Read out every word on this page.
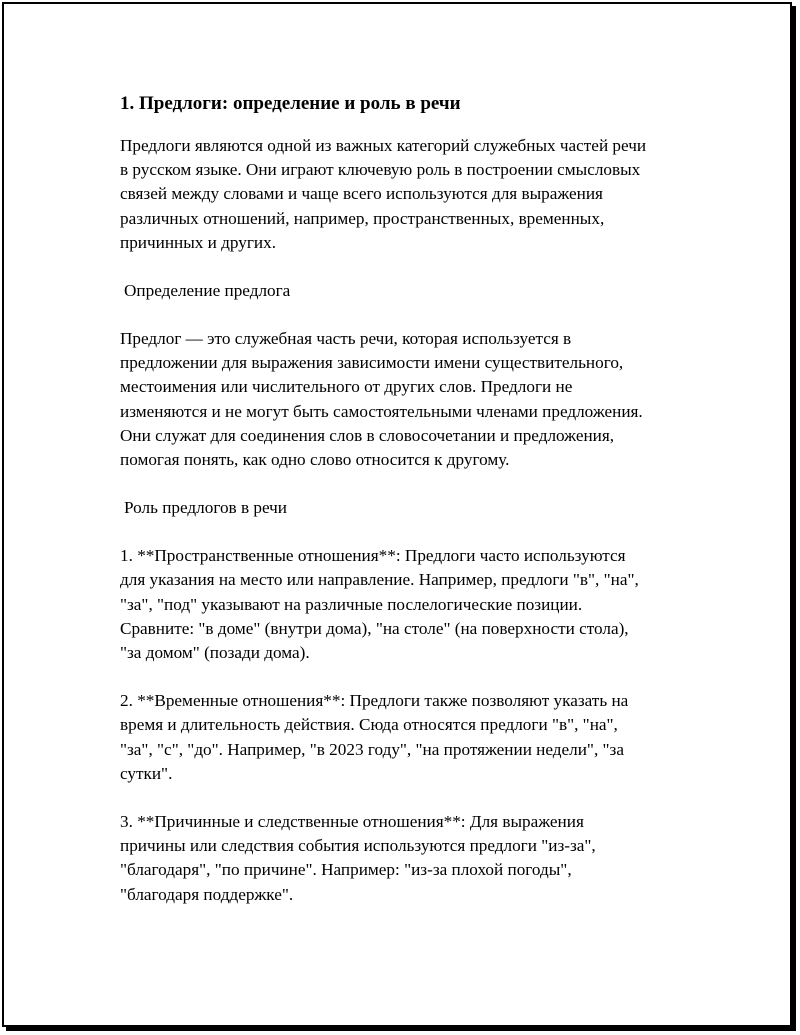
1. Предлоги: определение и роль в речи
Предлоги являются одной из важных категорий служебных частей речи
в русском языке. Они играют ключевую роль в построении смысловых
связей между словами и чаще всего используются для выражения
различных отношений, например, пространственных, временных,
причинных и других.
Определение предлога
Предлог — это служебная часть речи, которая используется в
предложении для выражения зависимости имени существительного,
местоимения или числительного от других слов. Предлоги не
изменяются и не могут быть самостоятельными членами предложения.
Они служат для соединения слов в словосочетании и предложения,
помогая понять, как одно слово относится к другому.
Роль предлогов в речи
1. **Пространственные отношения**: Предлоги часто используются
для указания на место или направление. Например, предлоги "в", "на",
"за", "под" указывают на различные послелогические позиции.
Сравните: "в доме" (внутри дома), "на столе" (на поверхности стола),
"за домом" (позади дома).
2. **Временные отношения**: Предлоги также позволяют указать на
время и длительность действия. Сюда относятся предлоги "в", "на",
"за", "с", "до". Например, "в 2023 году", "на протяжении недели", "за
сутки".
3. **Причинные и следственные отношения**: Для выражения
причины или следствия события используются предлоги "из-за",
"благодаря", "по причине". Например: "из-за плохой погоды",
"благодаря поддержке".
